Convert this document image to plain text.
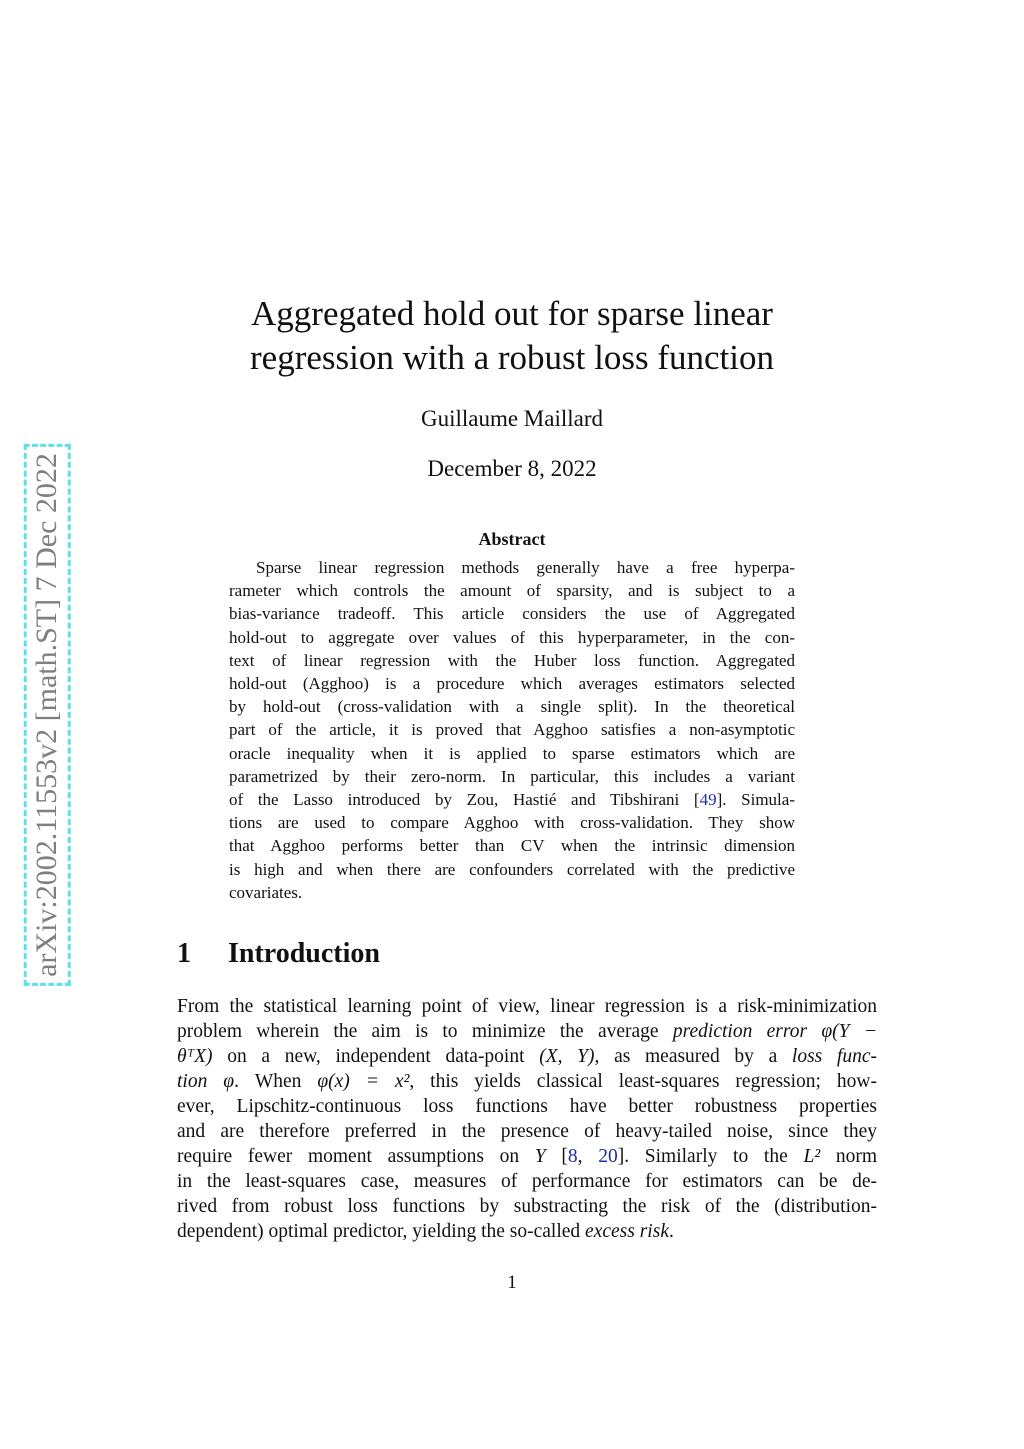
arXiv:2002.11553v2 [math.ST] 7 Dec 2022
Aggregated hold out for sparse linear
regression with a robust loss function
Guillaume Maillard
December 8, 2022
Abstract
Sparse linear regression methods generally have a free hyperpa-
rameter which controls the amount of sparsity, and is subject to a
bias-variance tradeoff. This article considers the use of Aggregated
hold-out to aggregate over values of this hyperparameter, in the con-
text of linear regression with the Huber loss function. Aggregated
hold-out (Agghoo) is a procedure which averages estimators selected
by hold-out (cross-validation with a single split). In the theoretical
part of the article, it is proved that Agghoo satisfies a non-asymptotic
oracle inequality when it is applied to sparse estimators which are
parametrized by their zero-norm. In particular, this includes a variant
of the Lasso introduced by Zou, Hastié and Tibshirani [49]. Simula-
tions are used to compare Agghoo with cross-validation. They show
that Agghoo performs better than CV when the intrinsic dimension
is high and when there are confounders correlated with the predictive
covariates.
1 Introduction
From the statistical learning point of view, linear regression is a risk-minimization
problem wherein the aim is to minimize the average prediction error φ(Y −
θᵀX) on a new, independent data-point (X, Y), as measured by a loss func-
tion φ. When φ(x) = x², this yields classical least-squares regression; how-
ever, Lipschitz-continuous loss functions have better robustness properties
and are therefore preferred in the presence of heavy-tailed noise, since they
require fewer moment assumptions on Y [8, 20]. Similarly to the L² norm
in the least-squares case, measures of performance for estimators can be de-
rived from robust loss functions by substracting the risk of the (distribution-
dependent) optimal predictor, yielding the so-called excess risk.
1
